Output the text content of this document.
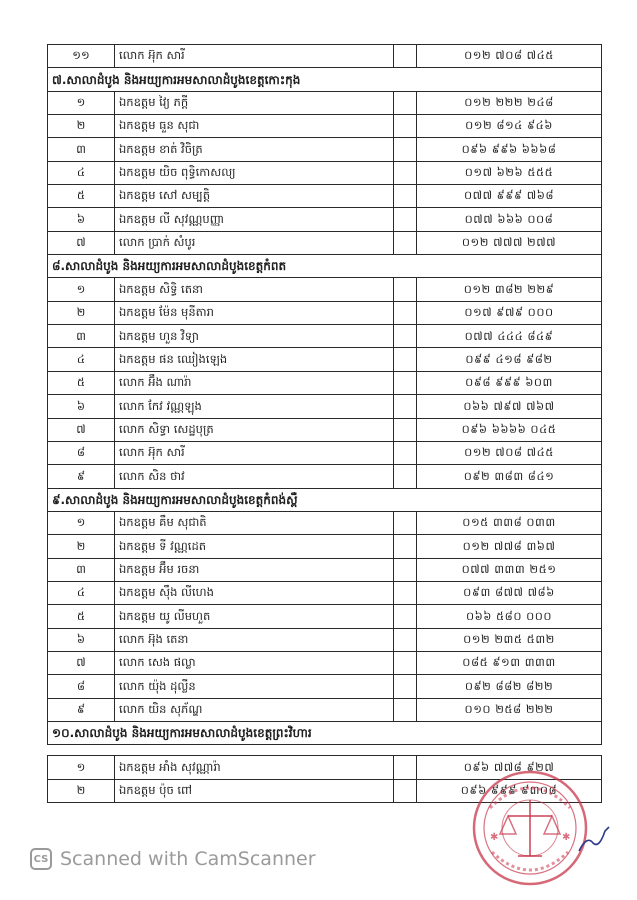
១១	លោក អ៊ុក សារី		០១២ ៧០៨ ៧៤៥
៧.សាលាដំបូង និងអយ្យការអមសាលាដំបូងខេត្តកោះកុង			
១	ឯកឧត្តម វៃ្យ ភក្តី		០១២ ២២២ ២៤៨
២	ឯកឧត្តម ធួន សុជា		០១២ ៨១៤ ៩៤៦
៣	ឯកឧត្តម ខាត់ វិចិត្រ		០៩៦ ៩៩៦ ៦៦៦៨
៤	ឯកឧត្តម យិច ពុទ្ធិកោសល្យ		០១៧ ៦២៦ ៥៥៥
៥	ឯកឧត្តម សៅ សម្បត្តិ		០៧៧ ៩៩៩ ៧៦៨
៦	ឯកឧត្តម លី សុវណ្ណបញ្ញា		០៧៧ ៦៦៦ ០០៨
៧	លោក ប្រាក់ សំបូរ		០១២ ៧៧៧ ២៧៧
៨.សាលាដំបូង និងអយ្យការអមសាលាដំបូងខេត្តកំពត			
១	ឯកឧត្តម សិទ្ធិ តេនា		០១២ ៣៨២ ២២៩
២	ឯកឧត្តម ម៉ែន មុនីតារា		០១៧ ៩៧៩ ០០០
៣	ឯកឧត្តម ហួន វិទ្យា		០៧៧ ៤៤៤ ៨៤៩
៤	ឯកឧត្តម ផន ឈៀងឡេង		០៩៩ ៤១៨ ៩៨២
៥	លោក អ៊ឹង ណារ៉ា		០៩៨ ៩៩៩ ៦០៣
៦	លោក កែវ វណ្ណឡុង		០៦៦ ៧៩៧ ៧៦៧
៧	លោក សិទ្ធា សេដ្ឋបុត្រ		០៩៦ ៦៦៦៦ ០៤៥
៨	លោក អ៊ុក សារី		០១២ ៧០៨ ៧៤៥
៩	លោក សិន ថាវ		០៩២ ៣៨៣ ៨៤១
៩.សាលាដំបូង និងអយ្យការអមសាលាដំបូងខេត្តកំពង់ស្ពឺ			
១	ឯកឧត្តម គឹម សុជាតិ		០១៥ ៣៣៨ ០៣៣
២	ឯកឧត្តម ទី វណ្ណដេត		០១២ ៧៧៨ ៣៦៧
៣	ឯកឧត្តម អ៊ឹម រចនា		០៧៧ ៣៣៣ ២៥១
៤	ឯកឧត្តម ស៊ឹង លីហេង		០៩៣ ៨៧៧ ៧៨៦
៥	ឯកឧត្តម យូ លីមហួត		០៦៦ ៥៨០ ០០០
៦	លោក អ៊ុង តេនា		០១២ ២៣៥ ៥៣២
៧	លោក សេង ផល្លា		០៨៥ ៩១៣ ៣៣៣
៨	លោក យ៉ុង ដុល្លីន		០៩២ ៨៨២ ៨២២
៩	លោក យិន សុភ័ណ្ឌ		០១០ ២៥៨ ២២២
១០.សាលាដំបូង និងអយ្យការអមសាលាដំបូងខេត្តព្រះវិហារ			

១	ឯកឧត្តម អាំង សុវណ្ណារ៉ា		០៩៦ ៧៧៨ ៩២៧
២	ឯកឧត្តម ប៉ុច ពៅ		០៩៦ ៩៩៩ ៩៣០៨
✱	✱
CS Scanned with CamScanner
